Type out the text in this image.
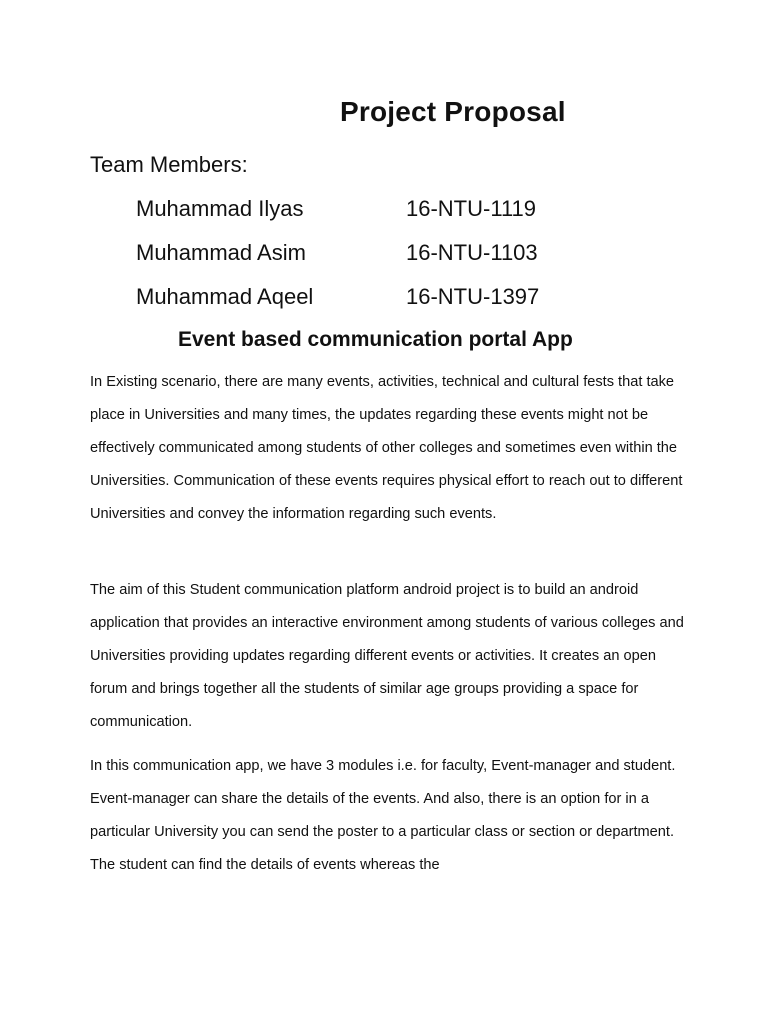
Project Proposal
Team Members:
Muhammad Ilyas	16-NTU-1119
Muhammad Asim	16-NTU-1103
Muhammad Aqeel	16-NTU-1397
Event based communication portal App

In Existing scenario, there are many events, activities, technical and cultural fests that take place in Universities and many times, the updates regarding these events might not be effectively communicated among students of other colleges and sometimes even within the Universities. Communication of these events requires physical effort to reach out to different Universities and convey the information regarding such events.

The aim of this Student communication platform android project is to build an android application that provides an interactive environment among students of various colleges and Universities providing updates regarding different events or activities. It creates an open forum and brings together all the students of similar age groups providing a space for communication.

In this communication app, we have 3 modules i.e. for faculty, Event-manager and student. Event-manager can share the details of the events. And also, there is an option for in a particular University you can send the poster to a particular class or section or department. The student can find the details of events whereas the
